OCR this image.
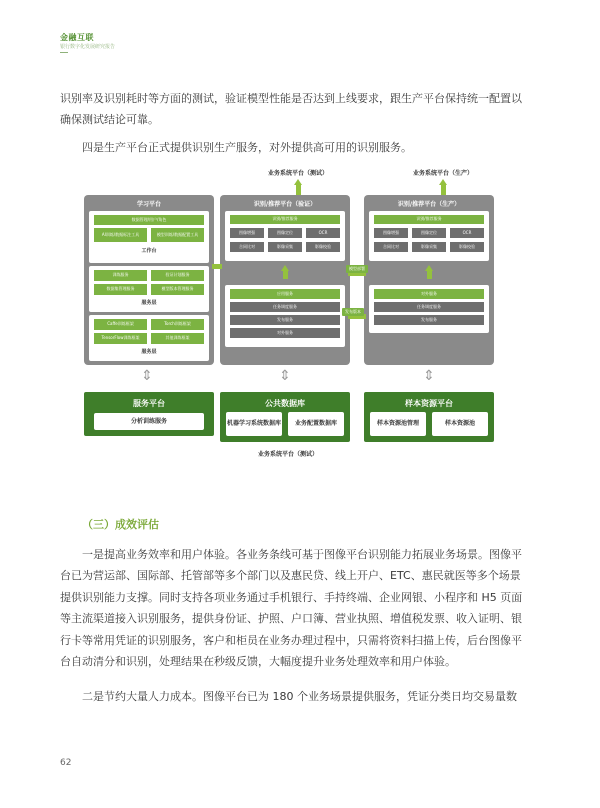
金融互联
银行数字化发展研究报告
识别率及识别耗时等方面的测试，验证模型性能是否达到上线要求，跟生产平台保持统一配置以
确保测试结论可靠。
四是生产平台正式提供识别生产服务，对外提供高可用的识别服务。
业务系统平台（测试）	业务系统平台（生产）
学习平台
数据管理/用户/角色
AI训练/数据标注工具	模型训练/数据配置工具
工作台
训练服务	验证计划服务
数据集管理服务	模型版本管理服务
服务层
Caffe训练框架	Torch训练框架
TensorFlow训练框架	其他训练框架
服务层
识别/推荐平台（验证）
识别/推荐服务
图像增强	图像定位	OCR
合同比对	影像采集	影像校验
应用服务
任务调度服务
发布服务
对外服务
识别/推荐平台（生产）
识别/推荐服务
图像增强	图像定位	OCR
合同比对	影像采集	影像校验
对外服务
任务调度服务
发布服务
模型部署
发布版本
⇕	⇕	⇕
服务平台
分析训练服务
公共数据库
机器学习系统数据库	业务配置数据库
样本资源平台
样本资源池管理	样本资源池
业务系统平台（测试）
（三）成效评估
一是提高业务效率和用户体验。各业务条线可基于图像平台识别能力拓展业务场景。图像平
台已为营运部、国际部、托管部等多个部门以及惠民贷、线上开户、ETC、惠民就医等多个场景
提供识别能力支撑。同时支持各项业务通过手机银行、手持终端、企业网银、小程序和 H5 页面
等主流渠道接入识别服务，提供身份证、护照、户口簿、营业执照、增值税发票、收入证明、银
行卡等常用凭证的识别服务，客户和柜员在业务办理过程中，只需将资料扫描上传，后台图像平
台自动清分和识别，处理结果在秒级反馈，大幅度提升业务处理效率和用户体验。
二是节约大量人力成本。图像平台已为 180 个业务场景提供服务，凭证分类日均交易量数
62
